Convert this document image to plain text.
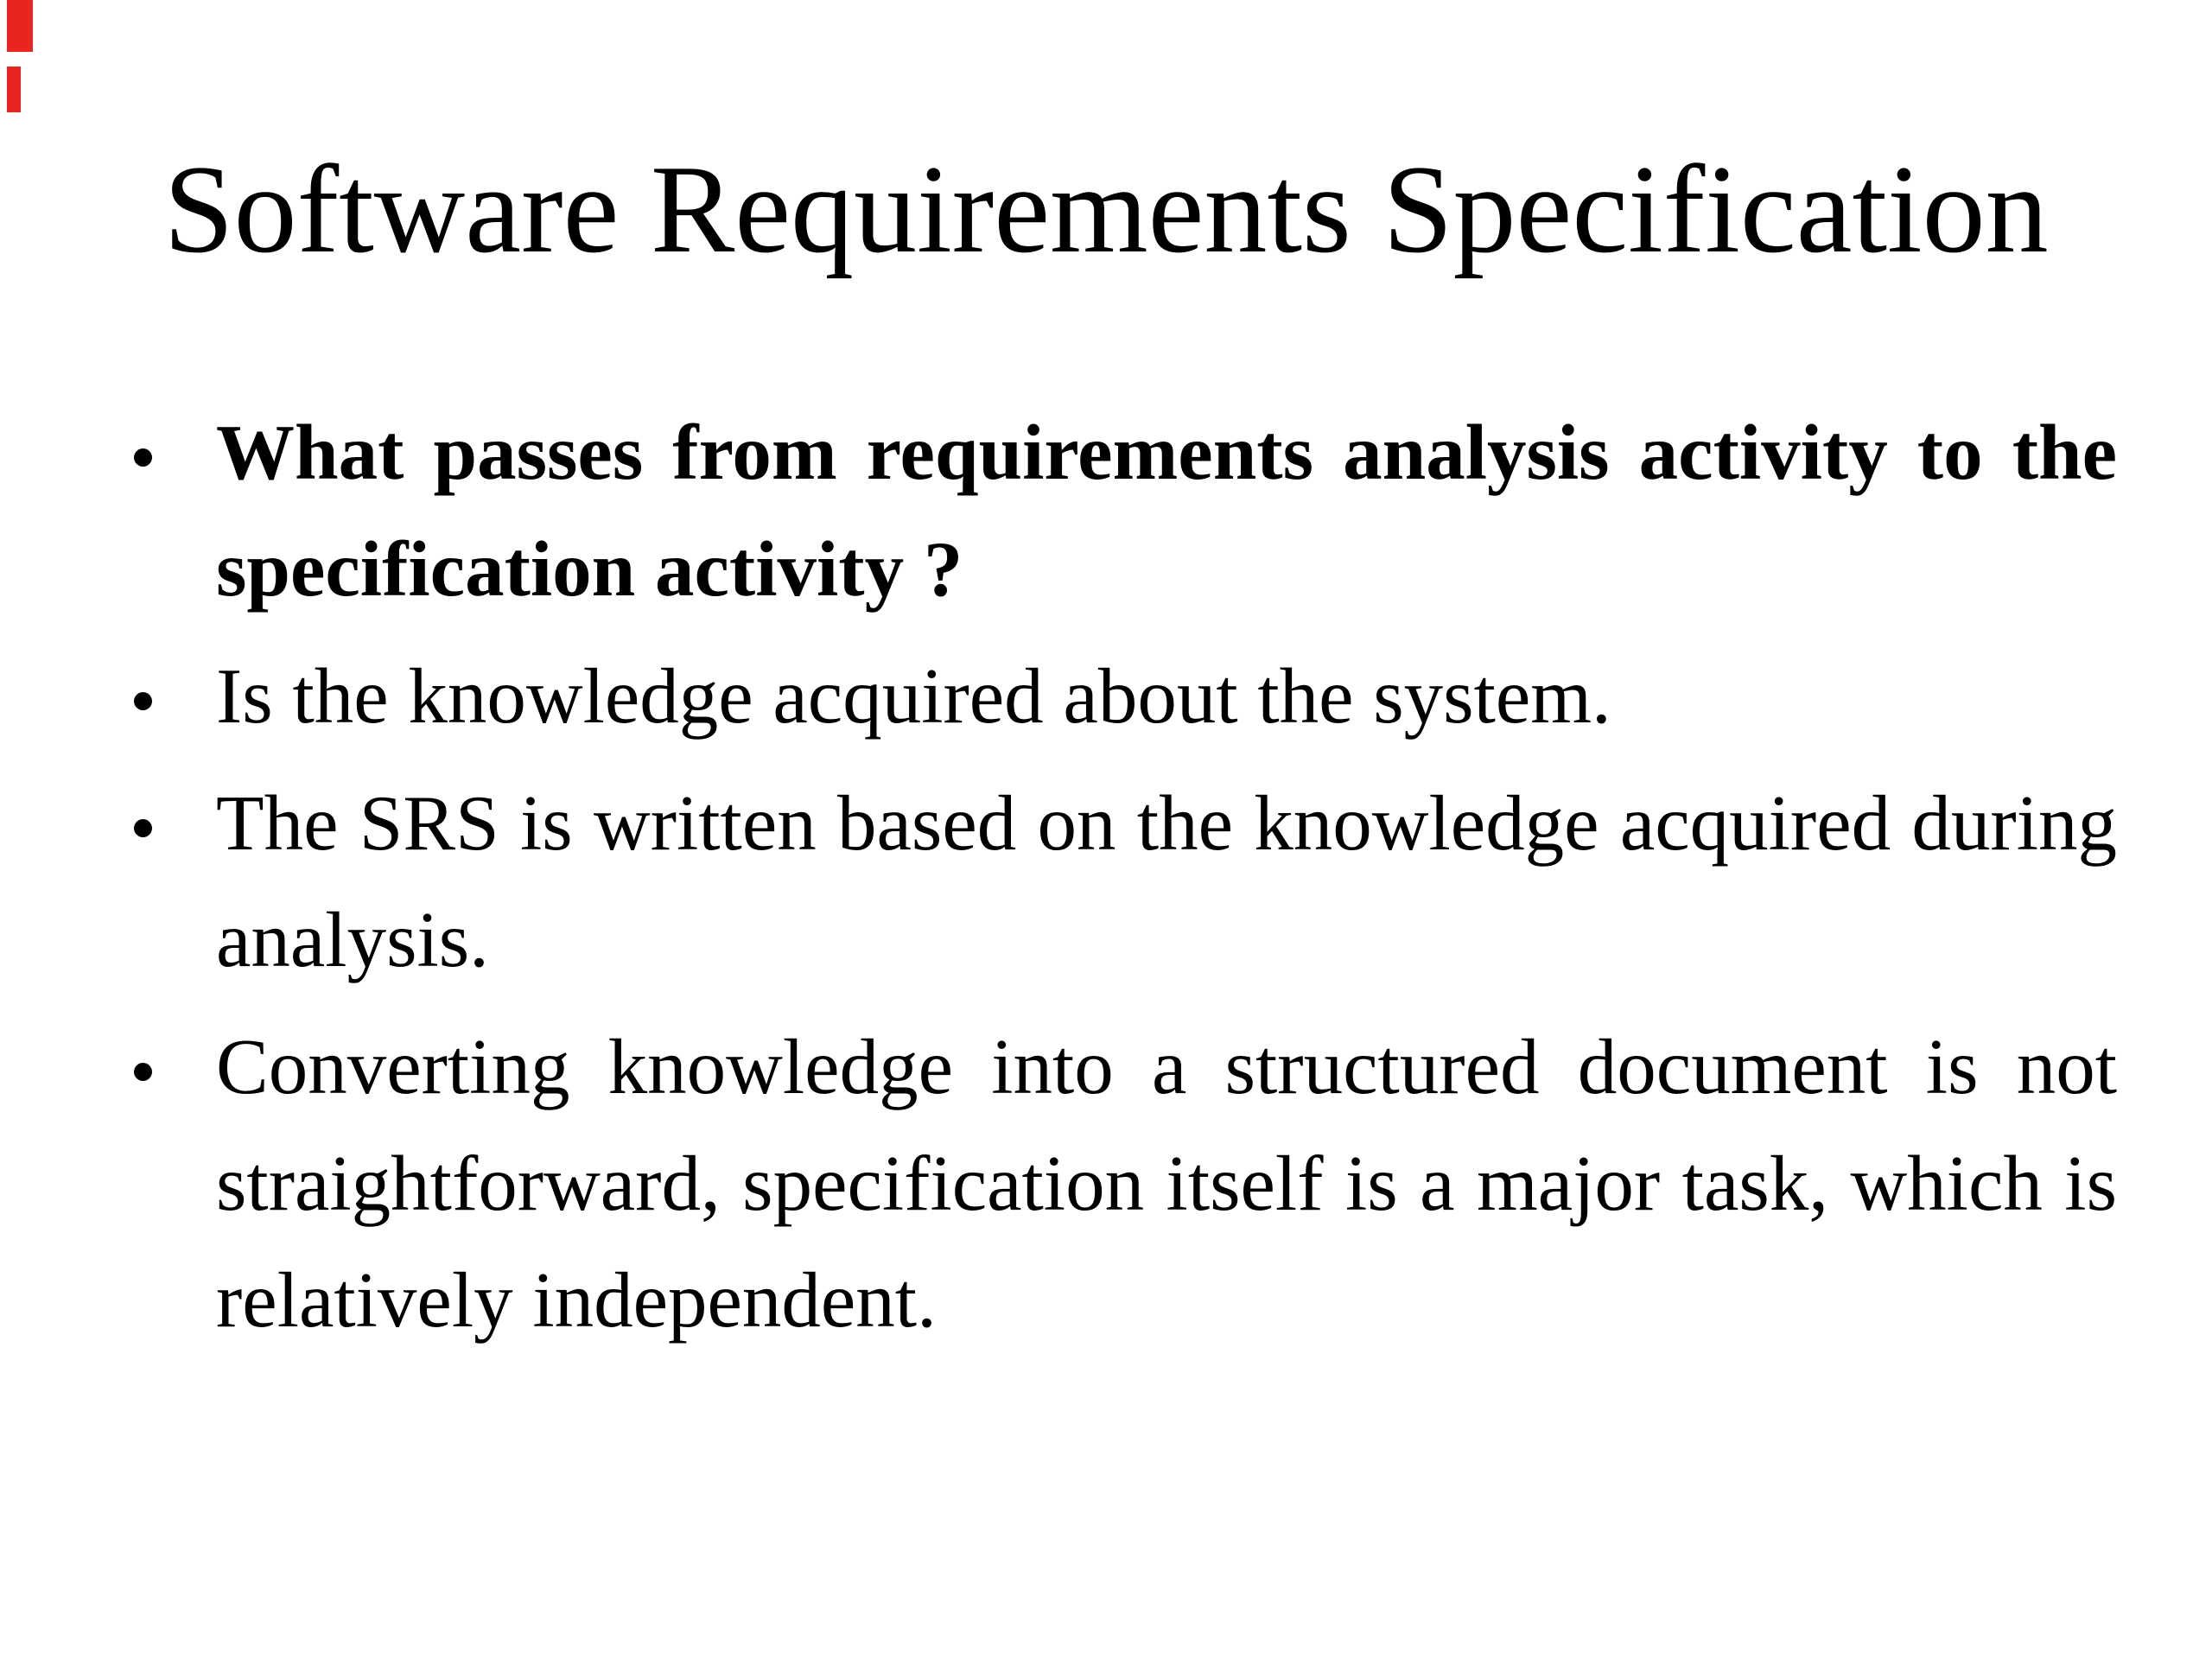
Software Requirements Specification
What passes from requirements analysis activity to the specification activity ?
Is the knowledge acquired about the system.
The SRS is written based on the knowledge acquired during analysis.
Converting knowledge into a structured document is not straightforward, specification itself is a major task, which is relatively independent.
